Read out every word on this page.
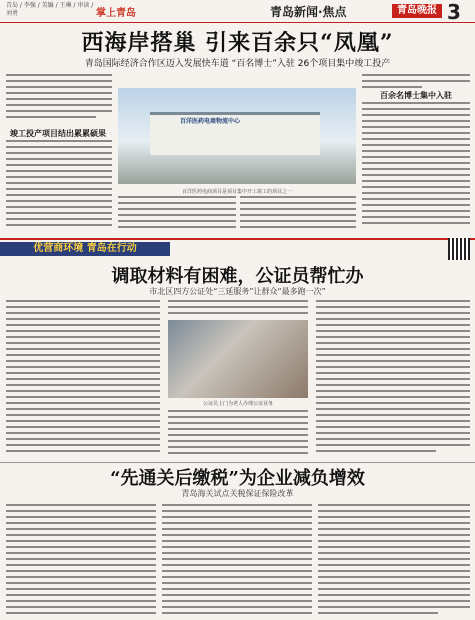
青岛 / 李强 / 美编 / 王琳 / 审读 / 刘勇	掌上青岛	青岛新闻·焦点	青岛晚报 3
西海岸搭巢 引来百余只“凤凰”
青岛国际经济合作区迈入发展快车道 “百名博士”入驻 26个项目集中竣工投产
竣工投产项目结出累累硕果
百洋医药电商物流中心
百洋医药电商项目是项目集中开工竣工的项目之一
百余名博士集中入驻
优营商环境 青岛在行动
调取材料有困难，公证员帮忙办
市北区四方公证处“三延服务”让群众“最多跑一次”
公证员上门为老人办理公证业务
“先通关后缴税”为企业减负增效
青岛海关试点关税保证保险改革
